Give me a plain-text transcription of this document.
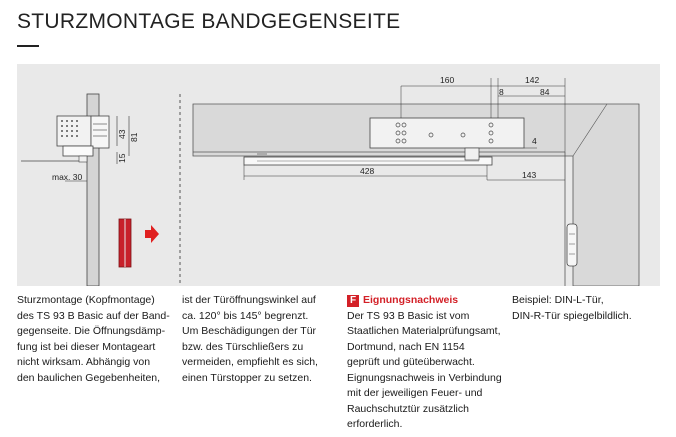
STURZMONTAGE BANDGEGENSEITE
43 81
15
max. 30
160	142
8	84
4
428	143

Sturzmontage (Kopfmontage)

des TS 93 B Basic auf der Band-

gegenseite. Die Öffnungsdämp-

fung ist bei dieser Montageart

nicht wirksam. Abhängig von

den baulichen Gegebenheiten,

ist der Türöffnungswinkel auf

ca. 120° bis 145° begrenzt.

Um Beschädigungen der Tür

bzw. des Türschließers zu

vermeiden, empfiehlt es sich,

einen Türstopper zu setzen.

F Eignungsnachweis

Der TS 93 B Basic ist vom

Staatlichen Materialprüfungsamt,

Dortmund, nach EN 1154

geprüft und güteüberwacht.

Eignungsnachweis in Verbindung

mit der jeweiligen Feuer- und

Rauchschutztür zusätzlich

erforderlich.

Beispiel: DIN-L-Tür,

DIN-R-Tür spiegelbildlich.
